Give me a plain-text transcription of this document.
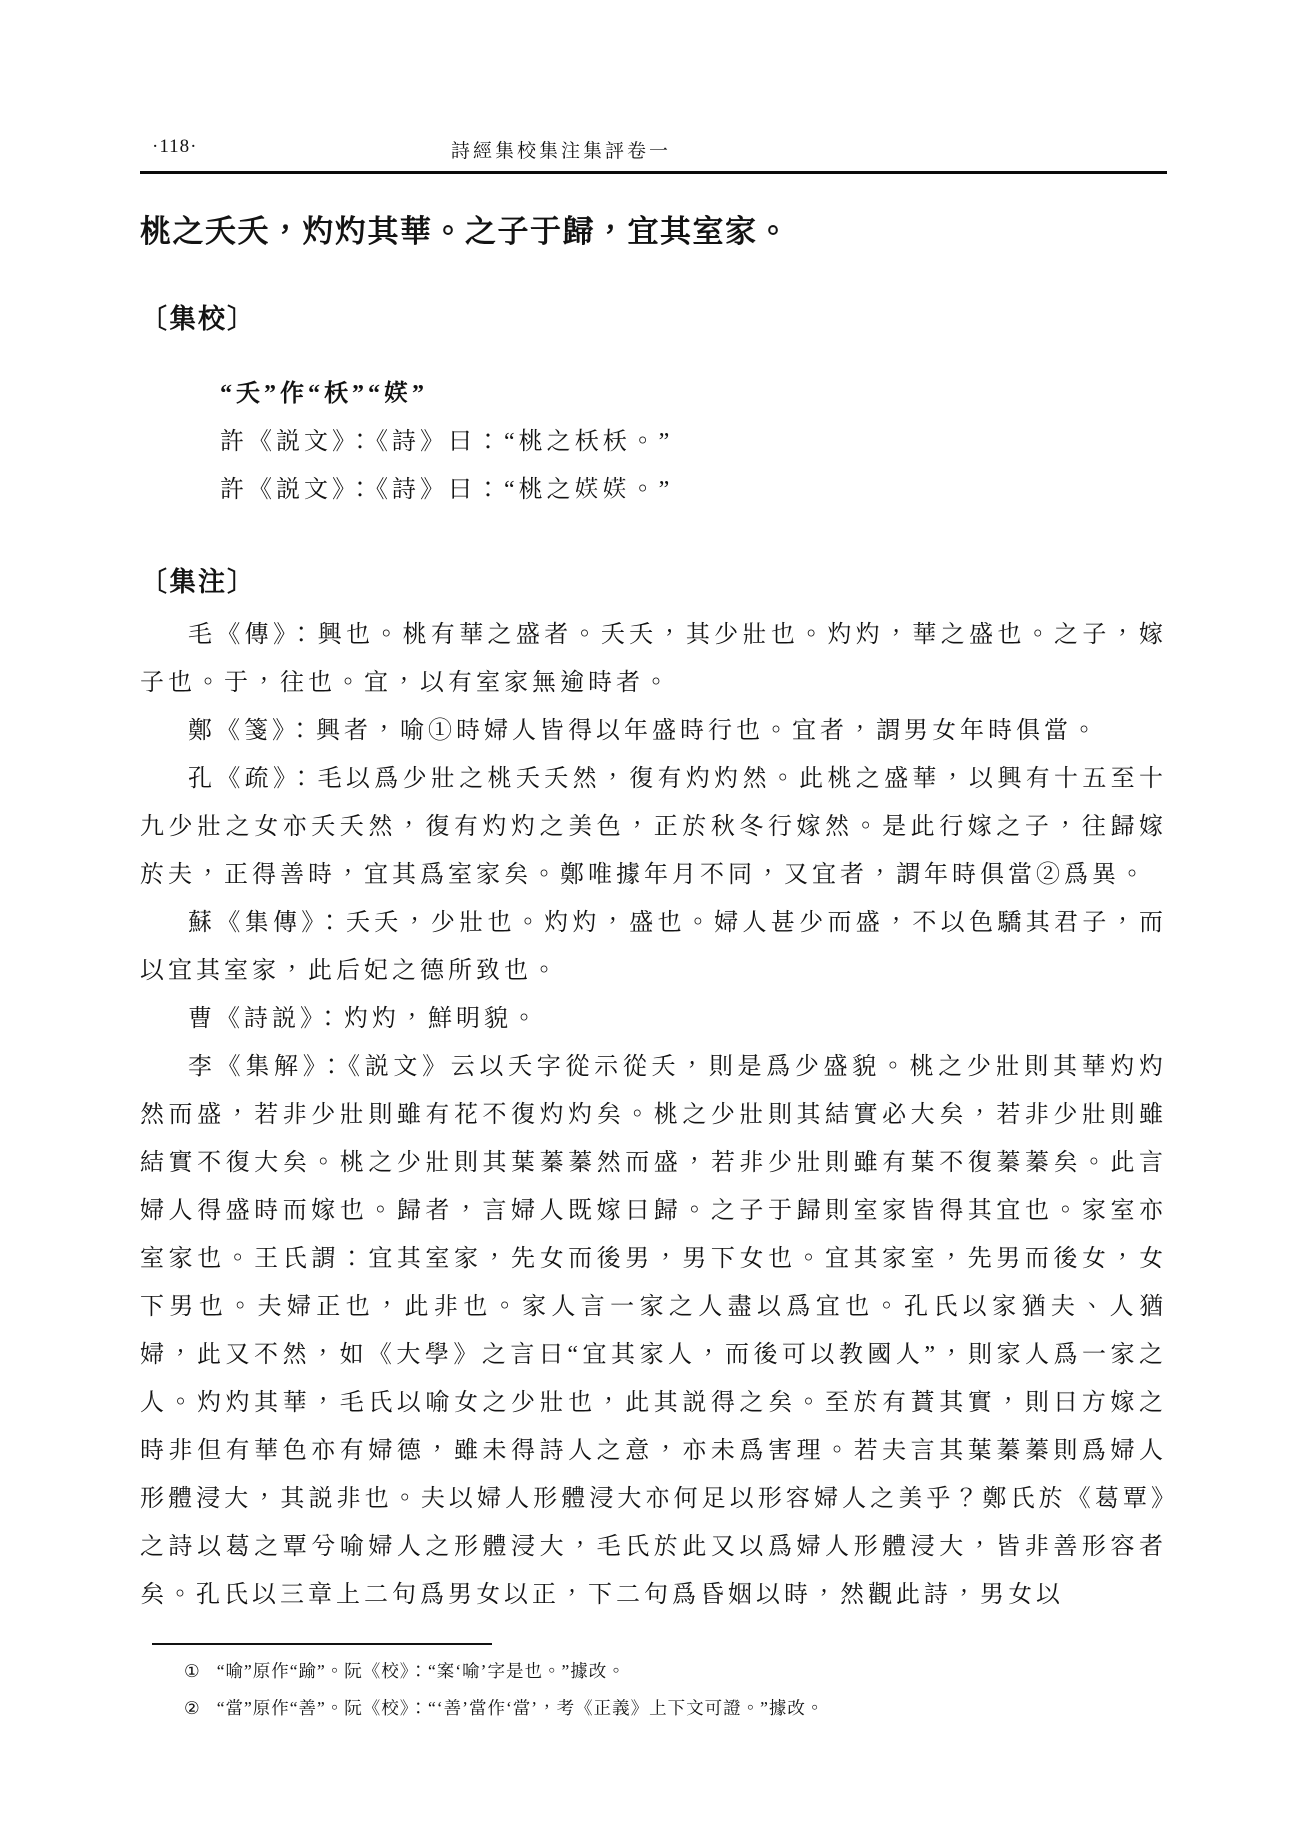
·118·	詩經集校集注集評卷一
桃之夭夭，灼灼其華。之子于歸，宜其室家。
〔集校〕
“夭”作“枖”“𡝩”
許《説文》：《詩》曰：“桃之枖枖。”
許《説文》：《詩》曰：“桃之𡝩𡝩。”
〔集注〕

毛《傳》：興也。桃有華之盛者。夭夭，其少壯也。灼灼，華之盛也。之子，嫁子也。于，往也。宜，以有室家無逾時者。

鄭《箋》：興者，喻①時婦人皆得以年盛時行也。宜者，謂男女年時俱當。

孔《疏》：毛以爲少壯之桃夭夭然，復有灼灼然。此桃之盛華，以興有十五至十九少壯之女亦夭夭然，復有灼灼之美色，正於秋冬行嫁然。是此行嫁之子，往歸嫁於夫，正得善時，宜其爲室家矣。鄭唯據年月不同，又宜者，謂年時俱當②爲異。

蘇《集傳》：夭夭，少壯也。灼灼，盛也。婦人甚少而盛，不以色驕其君子，而以宜其室家，此后妃之德所致也。

曹《詩説》：灼灼，鮮明貌。

李《集解》：《説文》云以夭字從示從夭，則是爲少盛貌。桃之少壯則其華灼灼然而盛，若非少壯則雖有花不復灼灼矣。桃之少壯則其結實必大矣，若非少壯則雖結實不復大矣。桃之少壯則其葉蓁蓁然而盛，若非少壯則雖有葉不復蓁蓁矣。此言婦人得盛時而嫁也。歸者，言婦人既嫁曰歸。之子于歸則室家皆得其宜也。家室亦室家也。王氏謂：宜其室家，先女而後男，男下女也。宜其家室，先男而後女，女下男也。夫婦正也，此非也。家人言一家之人盡以爲宜也。孔氏以家猶夫、人猶婦，此又不然，如《大學》之言曰“宜其家人，而後可以教國人”，則家人爲一家之人。灼灼其華，毛氏以喻女之少壯也，此其説得之矣。至於有蕡其實，則曰方嫁之時非但有華色亦有婦德，雖未得詩人之意，亦未爲害理。若夫言其葉蓁蓁則爲婦人形體浸大，其説非也。夫以婦人形體浸大亦何足以形容婦人之美乎？鄭氏於《葛覃》之詩以葛之覃兮喻婦人之形體浸大，毛氏於此又以爲婦人形體浸大，皆非善形容者矣。孔氏以三章上二句爲男女以正，下二句爲昏姻以時，然觀此詩，男女以

① “喻”原作“踰”。阮《校》：“案‘喻’字是也。”據改。
② “當”原作“善”。阮《校》：“‘善’當作‘當’，考《正義》上下文可證。”據改。
